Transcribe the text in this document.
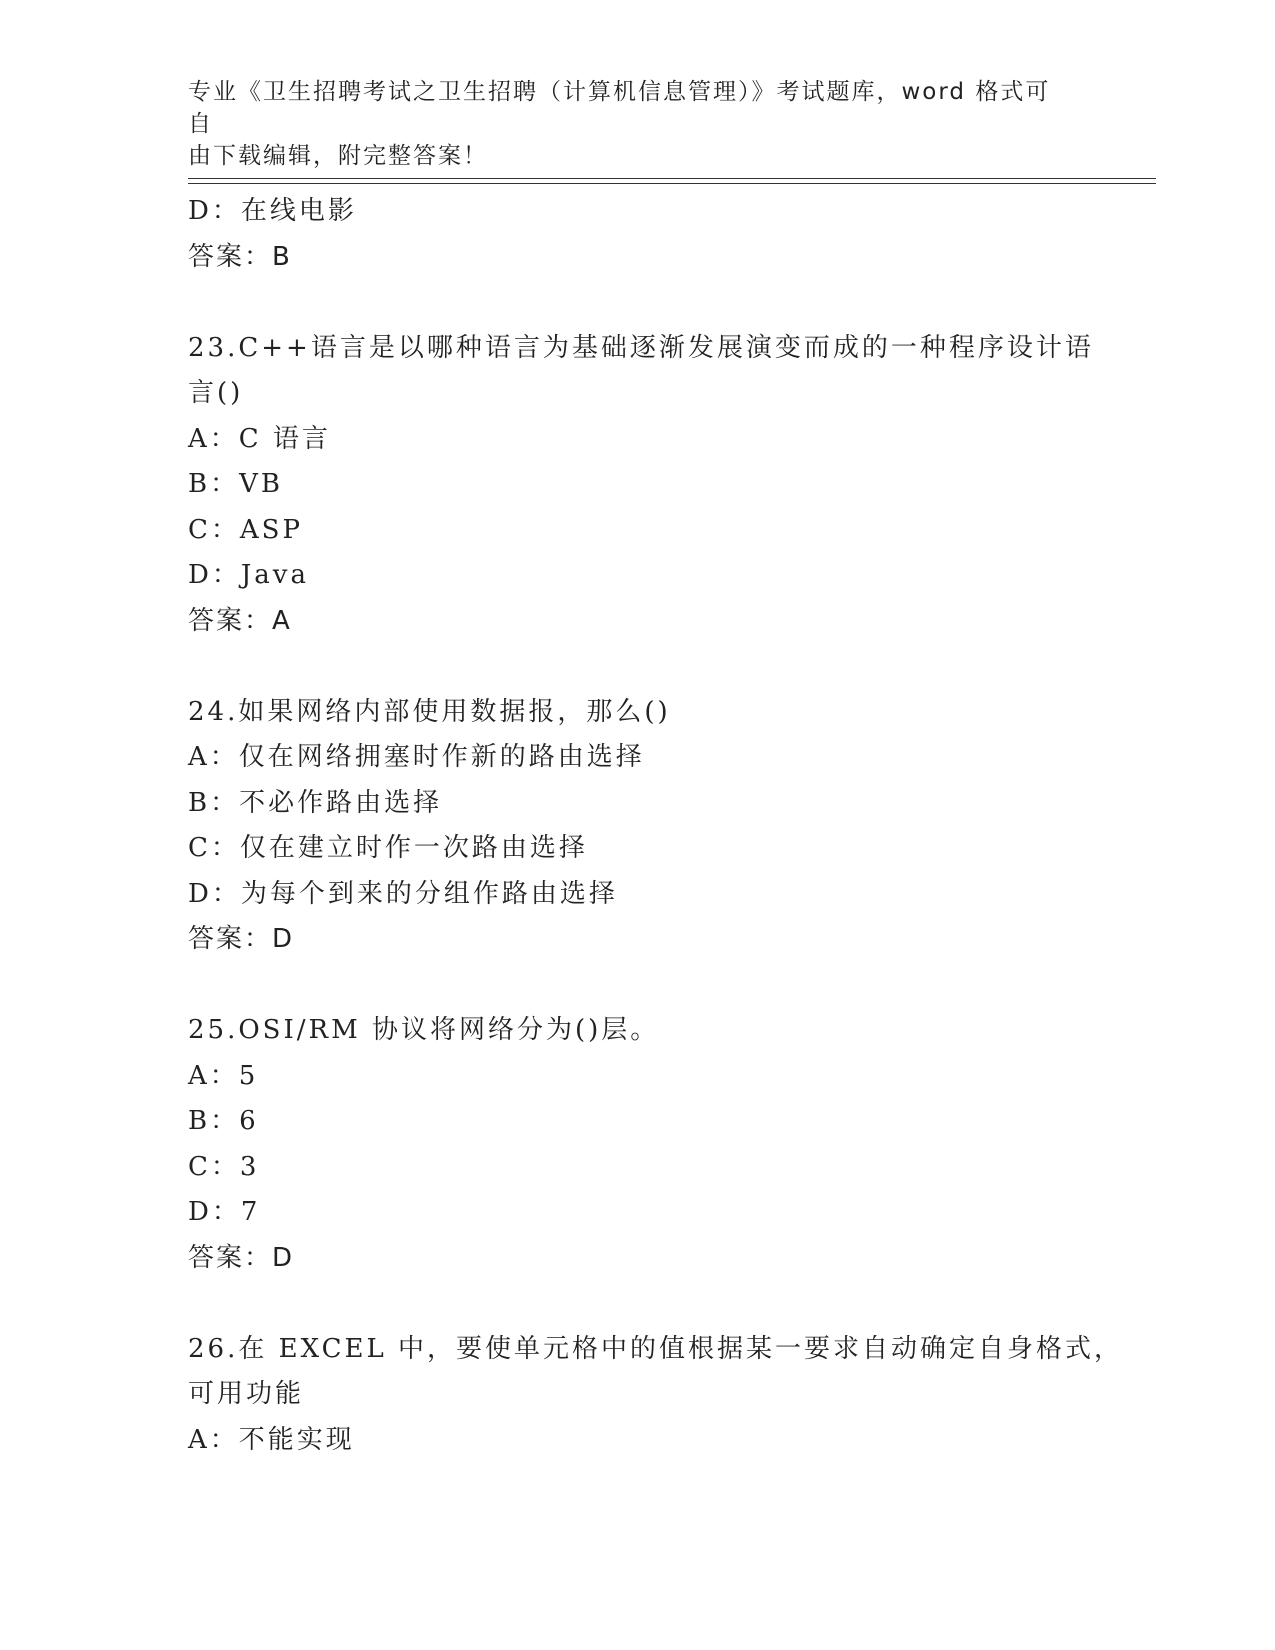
专业《卫生招聘考试之卫生招聘（计算机信息管理）》考试题库，word 格式可自
由下载编辑，附完整答案！
D：在线电影
答案：B
23.C++语言是以哪种语言为基础逐渐发展演变而成的一种程序设计语
言()
A：C 语言
B：VB
C：ASP
D：Java
答案：A
24.如果网络内部使用数据报，那么()
A：仅在网络拥塞时作新的路由选择
B：不必作路由选择
C：仅在建立时作一次路由选择
D：为每个到来的分组作路由选择
答案：D
25.OSI/RM 协议将网络分为()层。
A：5
B：6
C：3
D：7
答案：D
26.在 EXCEL 中，要使单元格中的值根据某一要求自动确定自身格式，
可用功能
A：不能实现
